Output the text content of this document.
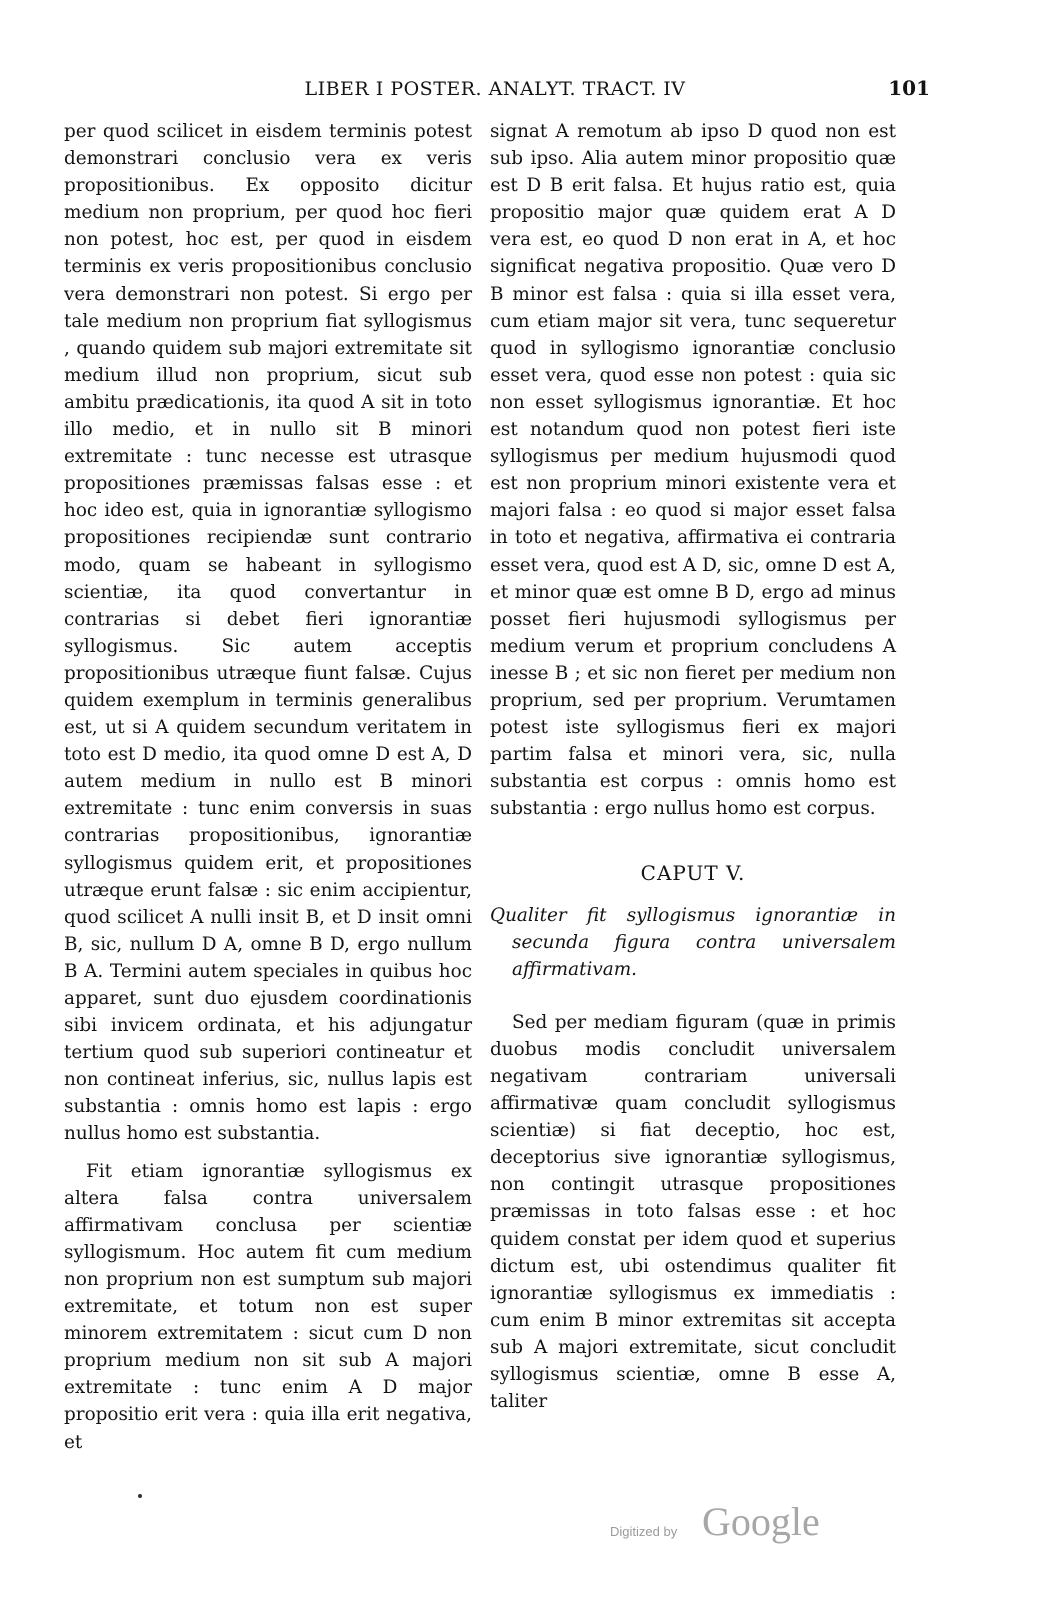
LIBER I POSTER. ANALYT. TRACT. IV	101

per quod scilicet in eisdem terminis potest demonstrari conclusio vera ex veris propositionibus. Ex opposito dicitur medium non proprium, per quod hoc fieri non potest, hoc est, per quod in eisdem terminis ex veris propositionibus conclusio vera demonstrari non potest. Si ergo per tale medium non proprium fiat syllogismus , quando quidem sub majori extremitate sit medium illud non proprium, sicut sub ambitu prædicationis, ita quod A sit in toto illo medio, et in nullo sit B minori extremitate : tunc necesse est utrasque propositiones præmissas falsas esse : et hoc ideo est, quia in ignorantiæ syllogismo propositiones recipiendæ sunt contrario modo, quam se habeant in syllogismo scientiæ, ita quod convertantur in contrarias si debet fieri ignorantiæ syllogismus. Sic autem acceptis propositionibus utræque fiunt falsæ. Cujus quidem exemplum in terminis generalibus est, ut si A quidem secundum veritatem in toto est D medio, ita quod omne D est A, D autem medium in nullo est B minori extremitate : tunc enim conversis in suas contrarias propositionibus, ignorantiæ syllogismus quidem erit, et propositiones utræque erunt falsæ : sic enim accipientur, quod scilicet A nulli insit B, et D insit omni B, sic, nullum D A, omne B D, ergo nullum B A. Termini autem speciales in quibus hoc apparet, sunt duo ejusdem coordinationis sibi invicem ordinata, et his adjungatur tertium quod sub superiori contineatur et non contineat inferius, sic, nullus lapis est substantia : omnis homo est lapis : ergo nullus homo est substantia.

Fit etiam ignorantiæ syllogismus ex altera falsa contra universalem affirmativam conclusa per scientiæ syllogismum. Hoc autem fit cum medium non proprium non est sumptum sub majori extremitate, et totum non est super minorem extremitatem : sicut cum D non proprium medium non sit sub A majori extremitate : tunc enim A D major propositio erit vera : quia illa erit negativa, et

signat A remotum ab ipso D quod non est sub ipso. Alia autem minor propositio quæ est D B erit falsa. Et hujus ratio est, quia propositio major quæ quidem erat A D vera est, eo quod D non erat in A, et hoc significat negativa propositio. Quæ vero D B minor est falsa : quia si illa esset vera, cum etiam major sit vera, tunc sequeretur quod in syllogismo ignorantiæ conclusio esset vera, quod esse non potest : quia sic non esset syllogismus ignorantiæ. Et hoc est notandum quod non potest fieri iste syllogismus per medium hujusmodi quod est non proprium minori existente vera et majori falsa : eo quod si major esset falsa in toto et negativa, affirmativa ei contraria esset vera, quod est A D, sic, omne D est A, et minor quæ est omne B D, ergo ad minus posset fieri hujusmodi syllogismus per medium verum et proprium concludens A inesse B ; et sic non fieret per medium non proprium, sed per proprium. Verumtamen potest iste syllogismus fieri ex majori partim falsa et minori vera, sic, nulla substantia est corpus : omnis homo est substantia : ergo nullus homo est corpus.

CAPUT V.
Qualiter fit syllogismus ignorantiæ in secunda figura contra universalem affirmativam.

Sed per mediam figuram (quæ in primis duobus modis concludit universalem negativam contrariam universali affirmativæ quam concludit syllogismus scientiæ) si fiat deceptio, hoc est, deceptorius sive ignorantiæ syllogismus, non contingit utrasque propositiones præmissas in toto falsas esse : et hoc quidem constat per idem quod et superius dictum est, ubi ostendimus qualiter fit ignorantiæ syllogismus ex immediatis : cum enim B minor extremitas sit accepta sub A majori extremitate, sicut concludit syllogismus scientiæ, omne B esse A, taliter

Digitized by Google
